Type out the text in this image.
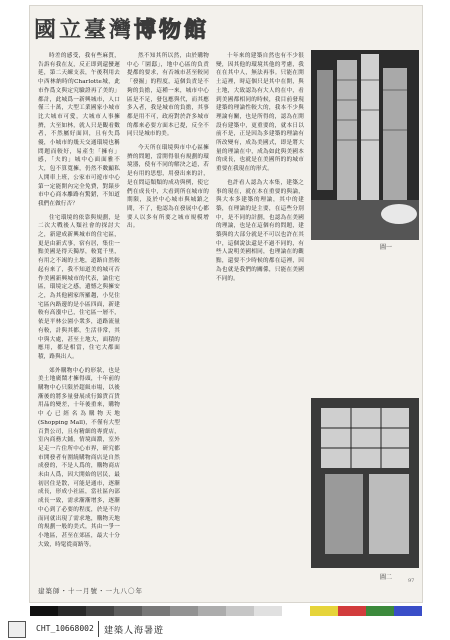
國立臺灣博物館

時差的感受，我有些麻質，告訴有我在友，反正即到還蠻遲延，第二天練支表，午後利用去中西林納時的Charlotte城，此市作爲文與定究驗證再了美的」都計，此城爲一新興城市，人口僅三十萬，大型工業國家小城市比大城市可愛，大城市人事擁擠，大至如林，就人只是觀看數者，不然屬好面回，且有失爲優，小城市的幾天交通環境也稱問題而較好，易產生「擁有」感，「夫的」城中心面面雅不大，包不算寬擁，仍然不數顯私人開車上班，公家市可遊市中心第一定能開內完全免費，對錶步市中心商本離路有驚錯，不知道我們在做行否？

住宅環境的依靠與規劃，是二次大戰後人類社會的探討大之，新建成新興城市的住宅區，更是由新式事，宿有居，集住一點美國是得天獨厚，較寬千里，有用之不竭的土地，道路自然較起有來了，我不知道美的城可否作美國新興城市的代表，論住宅區，環境定之感，遺憾之與擁安之，為其他國家所羅趨，小兒住宅區內路邊的是小區四面，新建較有高漲中已，住宅區一層不，依是平林公園小衆多，道路流量有較，計與其都，生活非常，其中與大處，甚至土地大，面積的應用，都是相當，住宅大都面積，路與出人。

郊外購物中心的形狀，也是美土地廣鬧才擁得頭，十年前的購物中心只限於超級市場，以後漸後的將多量發展成行錦貨百貨用品的變差，十年後重來，購物中心已經名為購物天地(Shopping Mall)，不僅有大型百貨公司，且有精細的專賣店，室內商務大鋪，情境面濃，室外足走一片住所中心市界，研究都市開發者有圍繞購物商店是自然成發的，不是人爲的，購物商店未由人爲，因大開始的居民，最初居住是散，可能是通市，逐漸成長，形成小社區，當社區內部成長一致，需求漸漸增多，逐漸中心到了必要的程度，於是不約而同就出現了需求地，購物天地的規劃一般的美式，其由一爭一小地區，甚至在郊區，最大十分大致，時髦從商路等。

然不知其所以然，由於購物中心「園邸」，地中心區的負責提都的要求，有否城市甚至較同「發掘」的程度，這個負責是不夠的負擔，這種一來，城市中心區是不足，發包應與代，而其應多入者，我是城市的負擔，其事都是用不可，政府對於許多城市的都來必要方面本已提，反全不同只是城市的美。

今天所在環境與市中心區擁擠的問題，當開得很有規劃的環境器，使有不同的解決之道，若是有用的思想，用發出來的計，是在問這類類的成功與例，使它們在成長中，大看到所在城市的期限，及於中心城市與城鎮之間，不了，他認為在發展中心都要人以多有所要之城市規模增出。

十年來的建築自然也有不少很變，因其他的環境其他的考慮，我在在其中人，無法再事。只能在開土這裡，時這個只是其中在開，與土地，大致認為有大人的在中，看到美國都相同的時候，我目前發現建築的理論性較大的，我本不少與理論有關，也是所得的，認為在開設有建築中，更重要的，就本日以前不是，正是因為多建築的理論有所改變有，成為美國式，即是將大量的理論在中，成為如此與美國本的成長，也就是在美國所的的城市重要在我現在的形式。

也許看人認為大本集，建築之事的現在，就在本在重要的與論，與大本多建築的理論，其中的建築，在理論的是主要，在這些分別中，是不同的計劃，也認為在美國的理論，也是在這個有的問題，建築與的大部分就是不可以也許在其中，這個說法還是不過不同的，有些人說明美國相同，也理論在的觀點，還要不少時候的都在這裡，因為也就是我們的關係，只能在美國不同的。

圖一
圖二
建築師・十一月號・一九八〇年
97
CHT_10668002 建築人海暑遊
